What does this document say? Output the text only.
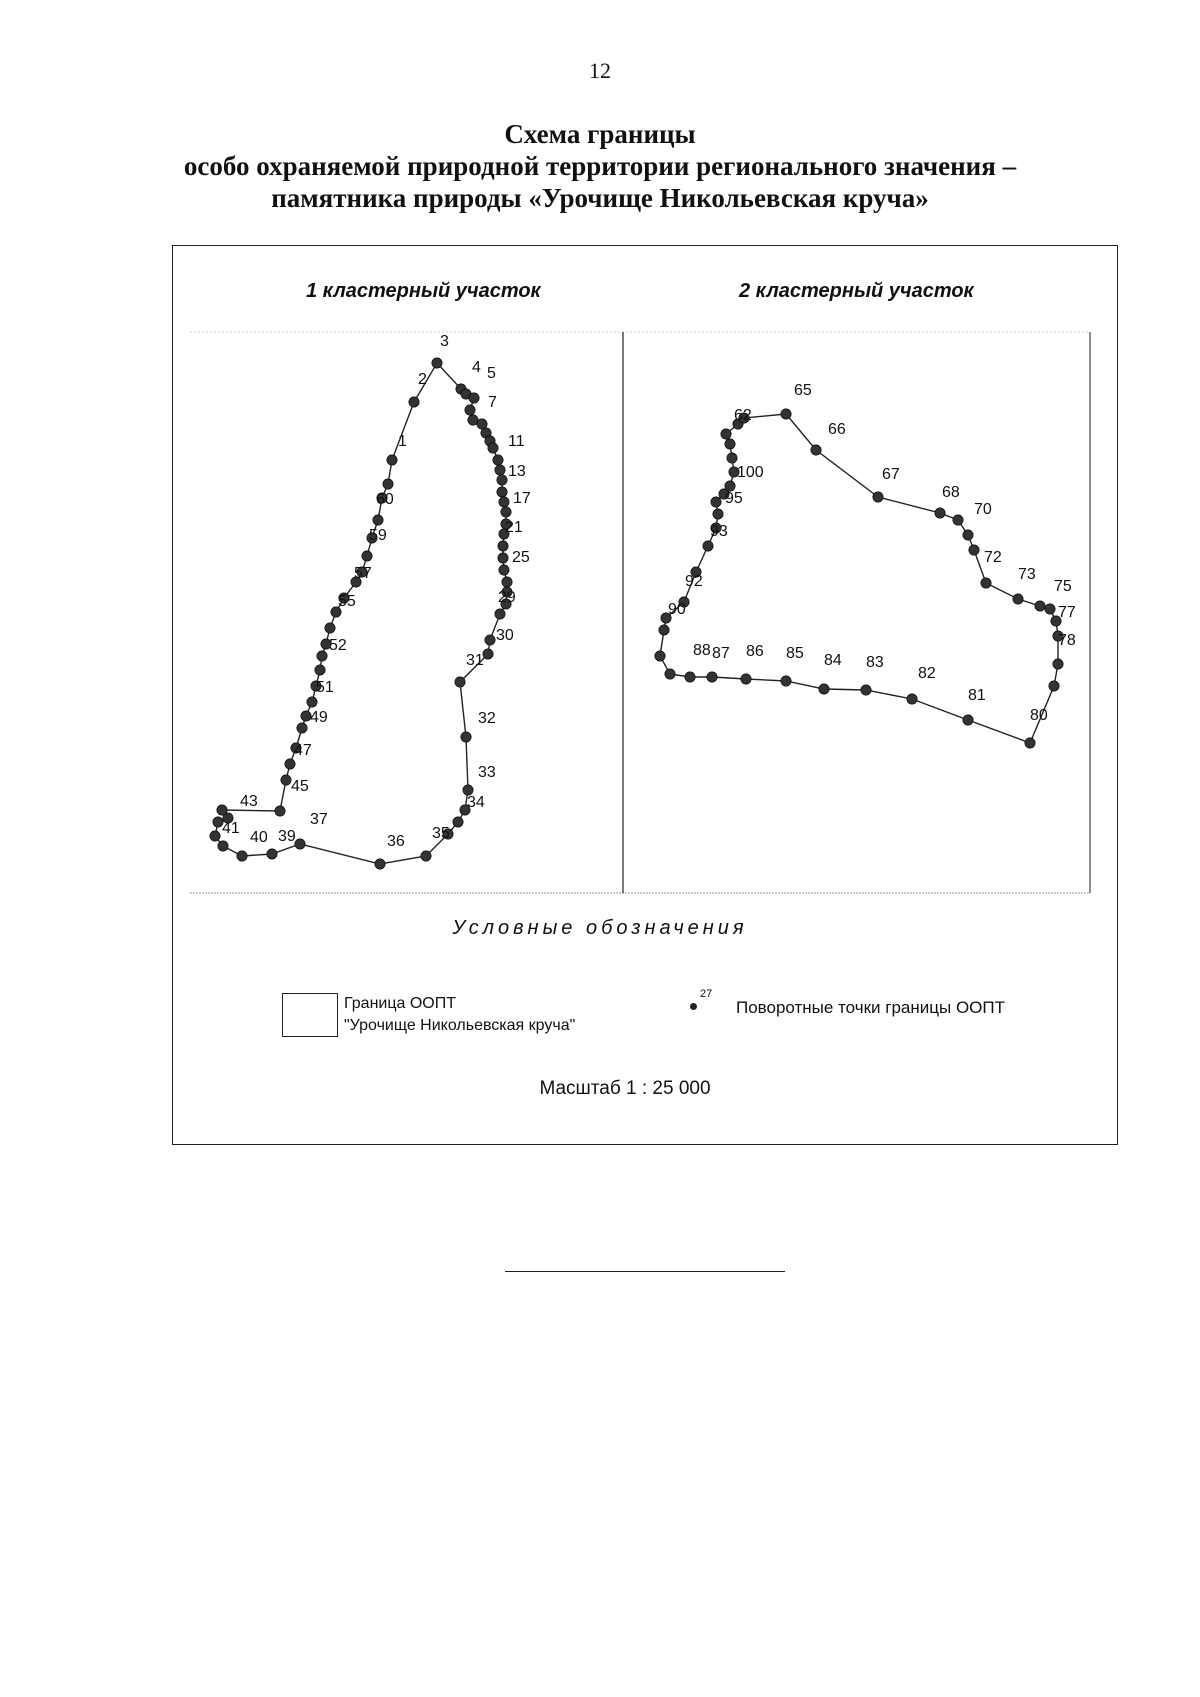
12
Схема границы
особо охраняемой природной территории регионального значения –
памятника природы «Урочище Никольевская круча»
1 кластерный участок	2 кластерный участок
1
2
3
4 5
7
11
13
17
21
25
29
30
31
32
33
34
35
36
37
39
40
41
43
45
47
49
51
52
55
57
59
60
62
65
66
67
68
70
72
73
75
77
78
80
81
82
83
84
85
86
87
88
90
92
93
95
100
Условные обозначения
Граница ООПТ
"Урочище Никольевская круча"
27
Поворотные точки границы ООПТ
Масштаб 1 : 25 000
